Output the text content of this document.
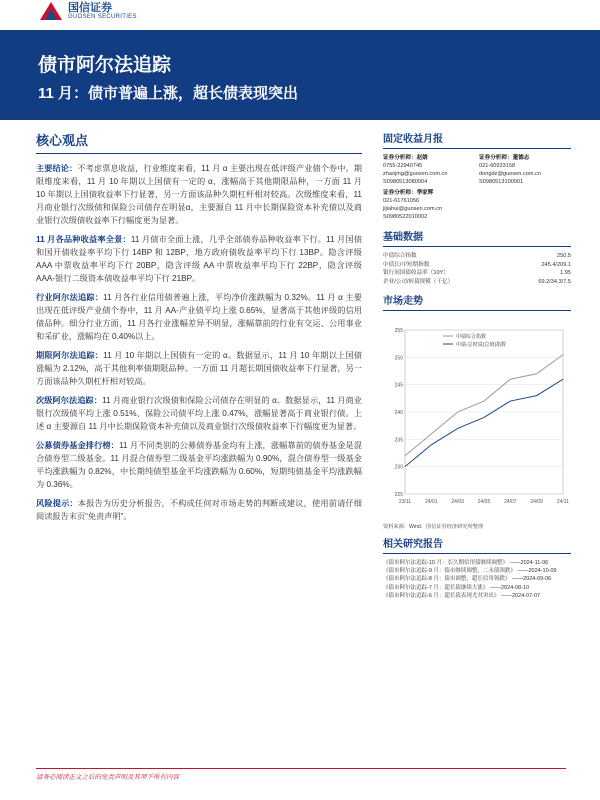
国信证券
GUOSEN SECURITIES
债市阿尔法追踪
11 月：债市普遍上涨，超长债表现突出
核心观点

主要结论：不考虑票息收益，行业维度来看，11 月 α 主要出现在低评级产业债个券中。期限维度来看，11 月 10 年期以上国债有一定的 α，涨幅高于其他期限品种，一方面 11 月 10 年期以上国债收益率下行显著，另一方面该品种久期杠杆相对较高。次级维度来看，11 月商业银行次级债和保险公司债存在明显α，主要源自 11 月中长期保险资本补充债以及商业银行次级债收益率下行幅度更为显著。

11 月各品种收益率全景：11 月债市全面上涨，几乎全部债券品种收益率下行。11 月国债和国开债收益率平均下行 14BP 和 12BP，地方政府债收益率平均下行 13BP。隐含评级 AAA 中票收益率平均下行 20BP，隐含评级 AA 中票收益率平均下行 22BP，隐含评级 AAA-银行二级资本债收益率平均下行 21BP。

行业阿尔法追踪：11 月各行业信用债普遍上涨，平均净价涨跌幅为 0.32%。11 月 α 主要出现在低评级产业债个券中，11 月 AA-产业债平均上涨 0.65%，显著高于其他评级的信用债品种。细分行业方面，11 月各行业涨幅差异不明显，涨幅靠前的行业有交运、公用事业和采矿业，涨幅均在 0.40%以上。

期限阿尔法追踪：11 月 10 年期以上国债有一定的 α。数据显示，11 月 10 年期以上国债涨幅为 2.12%，高于其他利率债期限品种。一方面 11 月超长期国债收益率下行显著，另一方面该品种久期杠杆相对较高。

次级阿尔法追踪：11 月商业银行次级债和保险公司债存在明显的 α。数据显示，11 月商业银行次级债平均上涨 0.51%、保险公司债平均上涨 0.47%，涨幅显著高于商业银行债。上述 α 主要源自 11 月中长期保险资本补充债以及商业银行次级债收益率下行幅度更为显著。

公募债券基金排行榜：11 月不同类别的公募债券基金均有上涨，涨幅靠前的债券基金是混合债券型二级基金。11 月混合债券型二级基金平均涨跌幅为 0.90%，混合债券型一级基金平均涨跌幅为 0.82%，中长期纯债型基金平均涨跌幅为 0.60%，短期纯债基金平均涨跌幅为 0.36%。

风险提示：本报告为历史分析报告，不构成任何对市场走势的判断或建议，使用前请仔细阅读报告末页“免责声明”。

固定收益月报
证券分析师：赵婧
0755-22940745
zhaojing@guosen.com.cn
S0980513080004
证券分析师：董德志
021-60933158
dongdz@guosen.com.cn
S0980513100001
证券分析师：季家辉
021-61761056
jijiahui@guosen.com.cn
S0980522010002
基础数据
中债综合指数	250.5
中债长/中短期指数	245.4/209.1
银行间国债收益率（10Y）	1.95
企业/公司/转债规模（千亿）	69.2/34.3/7.5
市场走势
225
230
235
240
245
250
255
23/11	24/01	24/03	24/05	24/07	24/09	24/11
中债综合指数
中债-总财富(总值)指数
资料来源：Wind、国信证券经济研究所整理
相关研究报告
《债市阿尔法追踪-10 月：长久期信用债继续调整》 ——2024-11-06
《债市阿尔法追踪-9 月：债市继续调整，二永债领跌》 ——2024-10-09
《债市阿尔法追踪-8 月：债市调整，超长信用领跌》 ——2024-09-06
《债市阿尔法追踪-7 月：超长债继续大涨》 ——2024-08-10
《债市阿尔法追踪-6 月：超长债表现尤其突出》 ——2024-07-07
请务必阅读正文之后的免责声明及其项下所有内容
